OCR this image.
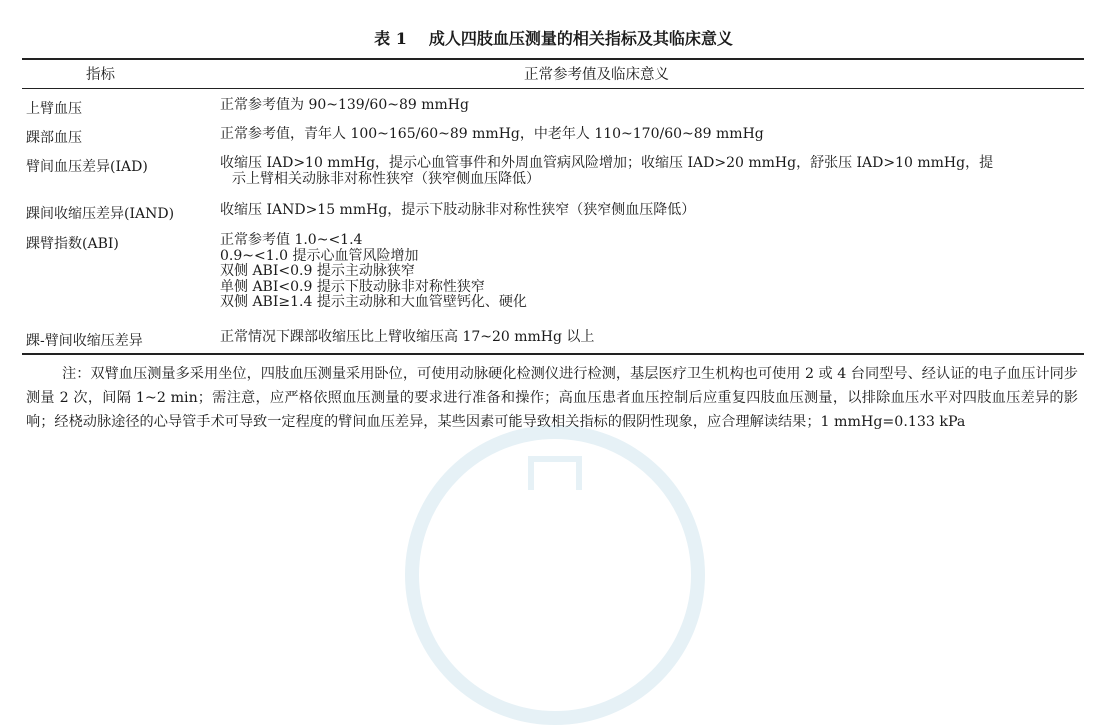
表 1 成人四肢血压测量的相关指标及其临床意义
指标	正常参考值及临床意义
上臂血压	正常参考值为 90~139/60~89 mmHg
踝部血压	正常参考值，青年人 100~165/60~89 mmHg，中老年人 110~170/60~89 mmHg
臂间血压差异(IAD)	收缩压 IAD>10 mmHg，提示心血管事件和外周血管病风险增加；收缩压 IAD>20 mmHg，舒张压 IAD>10 mmHg，提
示上臂相关动脉非对称性狭窄（狭窄侧血压降低）
踝间收缩压差异(IAND)	收缩压 IAND>15 mmHg，提示下肢动脉非对称性狭窄（狭窄侧血压降低）
踝臂指数(ABI)	正常参考值 1.0~<1.4
0.9~<1.0 提示心血管风险增加
双侧 ABI<0.9 提示主动脉狭窄
单侧 ABI<0.9 提示下肢动脉非对称性狭窄
双侧 ABI≥1.4 提示主动脉和大血管壁钙化、硬化
踝-臂间收缩压差异	正常情况下踝部收缩压比上臂收缩压高 17~20 mmHg 以上
注：双臂血压测量多采用坐位，四肢血压测量采用卧位，可使用动脉硬化检测仪进行检测，基层医疗卫生机构也可使用 2 或 4 台同型号、经认证的电子血压计同步测量 2 次，间隔 1~2 min；需注意，应严格依照血压测量的要求进行准备和操作；高血压患者血压控制后应重复四肢血压测量，以排除血压水平对四肢血压差异的影响；经桡动脉途径的心导管手术可导致一定程度的臂间血压差异，某些因素可能导致相关指标的假阴性现象，应合理解读结果；1 mmHg=0.133 kPa
